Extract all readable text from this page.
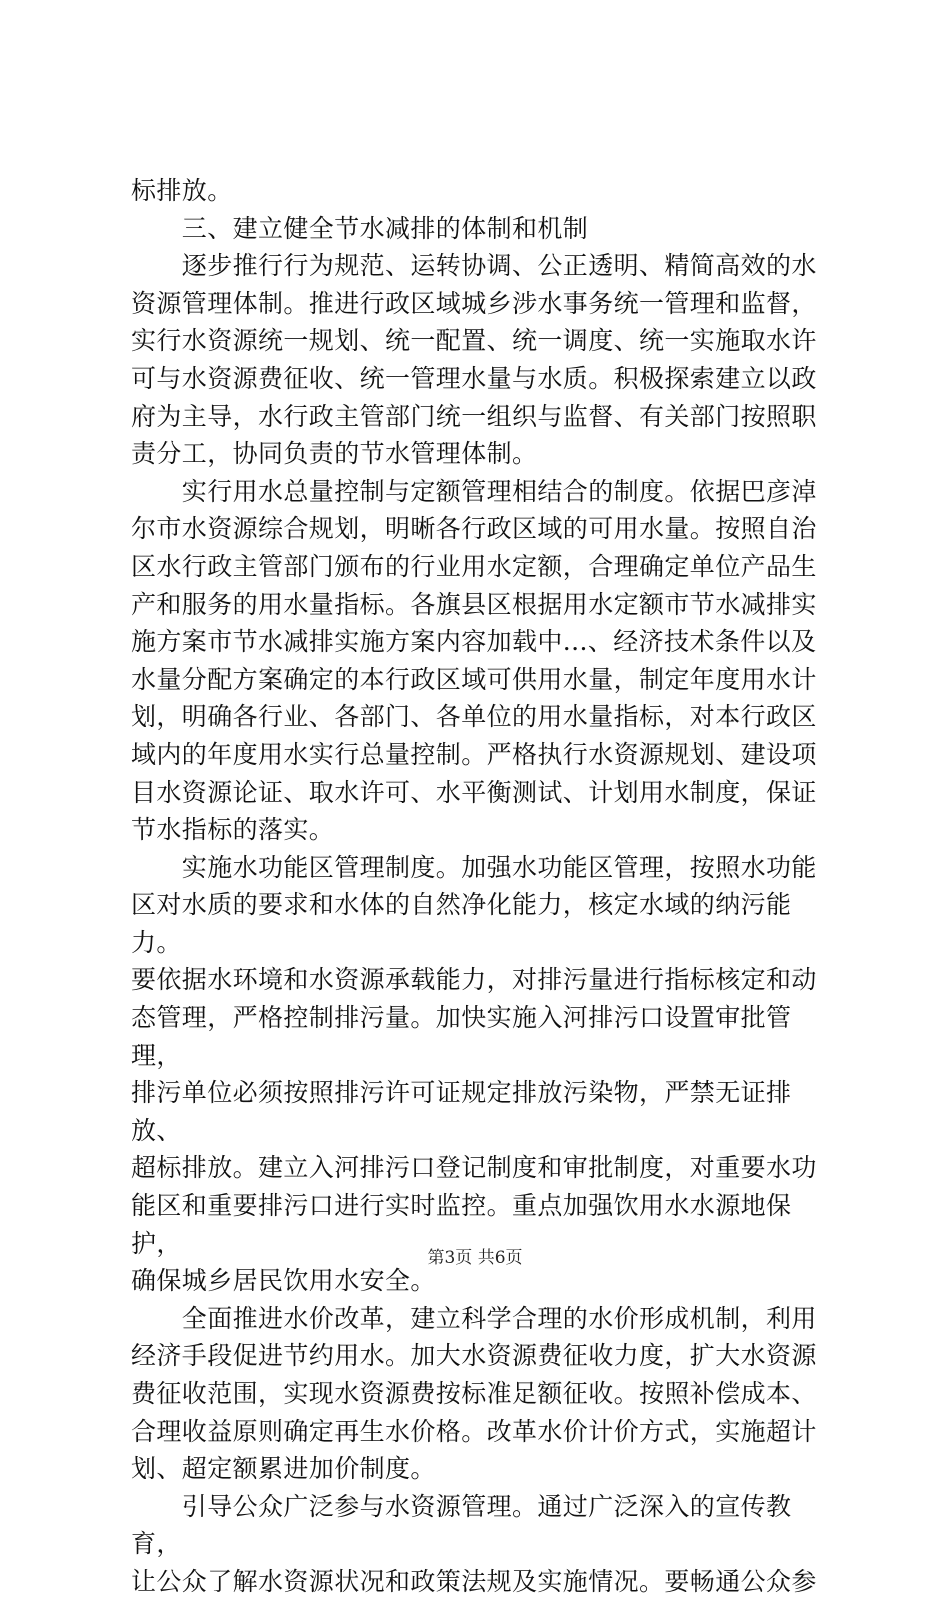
标排放。

　　三、建立健全节水减排的体制和机制

　　逐步推行行为规范、运转协调、公正透明、精简高效的水
资源管理体制。推进行政区域城乡涉水事务统一管理和监督，
实行水资源统一规划、统一配置、统一调度、统一实施取水许
可与水资源费征收、统一管理水量与水质。积极探索建立以政
府为主导，水行政主管部门统一组织与监督、有关部门按照职
责分工，协同负责的节水管理体制。

　　实行用水总量控制与定额管理相结合的制度。依据巴彦淖
尔市水资源综合规划，明晰各行政区域的可用水量。按照自治
区水行政主管部门颁布的行业用水定额，合理确定单位产品生
产和服务的用水量指标。各旗县区根据用水定额市节水减排实
施方案市节水减排实施方案内容加载中...、经济技术条件以及
水量分配方案确定的本行政区域可供用水量，制定年度用水计
划，明确各行业、各部门、各单位的用水量指标，对本行政区
域内的年度用水实行总量控制。严格执行水资源规划、建设项
目水资源论证、取水许可、水平衡测试、计划用水制度，保证
节水指标的落实。

　　实施水功能区管理制度。加强水功能区管理，按照水功能
区对水质的要求和水体的自然净化能力，核定水域的纳污能力。
要依据水环境和水资源承载能力，对排污量进行指标核定和动
态管理，严格控制排污量。加快实施入河排污口设置审批管理，
排污单位必须按照排污许可证规定排放污染物，严禁无证排放、
超标排放。建立入河排污口登记制度和审批制度，对重要水功
能区和重要排污口进行实时监控。重点加强饮用水水源地保护，
确保城乡居民饮用水安全。

　　全面推进水价改革，建立科学合理的水价形成机制，利用
经济手段促进节约用水。加大水资源费征收力度，扩大水资源
费征收范围，实现水资源费按标准足额征收。按照补偿成本、
合理收益原则确定再生水价格。改革水价计价方式，实施超计
划、超定额累进加价制度。

　　引导公众广泛参与水资源管理。通过广泛深入的宣传教育，
让公众了解水资源状况和政策法规及实施情况。要畅通公众参

第3页 共6页
